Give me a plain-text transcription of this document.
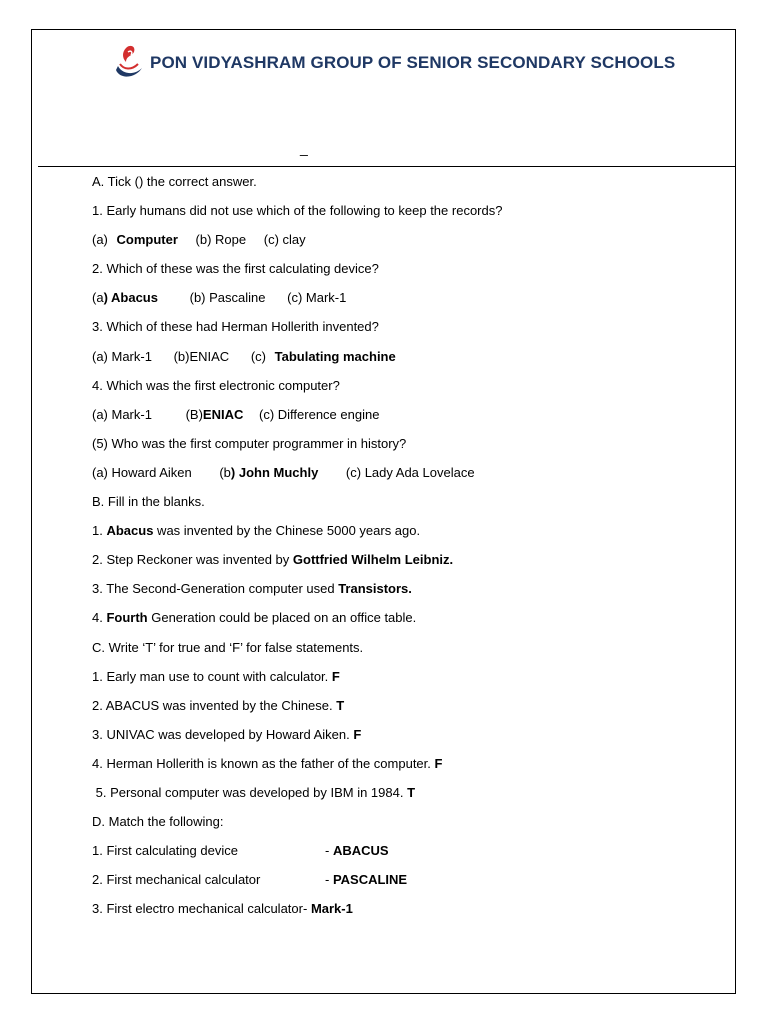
PON VIDYASHRAM GROUP OF SENIOR SECONDARY SCHOOLS
_
A. Tick () the correct answer.
1. Early humans did not use which of the following to keep the records?
(a) Computer (b) Rope (c) clay
2. Which of these was the first calculating device?
(a) Abacus (b) Pascaline (c) Mark-1
3. Which of these had Herman Hollerith invented?
(a) Mark-1 (b)ENIAC (c) Tabulating machine
4. Which was the first electronic computer?
(a) Mark-1	(B)ENIAC (c) Difference engine
(5) Who was the first computer programmer in history?
(a) Howard Aiken (b) John Muchly (c) Lady Ada Lovelace
B. Fill in the blanks.
1. Abacus was invented by the Chinese 5000 years ago.
2. Step Reckoner was invented by Gottfried Wilhelm Leibniz.
3. The Second-Generation computer used Transistors.
4. Fourth Generation could be placed on an office table.
C. Write ‘T’ for true and ‘F’ for false statements.
1. Early man use to count with calculator. F
2. ABACUS was invented by the Chinese. T
3. UNIVAC was developed by Howard Aiken. F
4. Herman Hollerith is known as the father of the computer. F
5. Personal computer was developed by IBM in 1984. T
D. Match the following:
1. First calculating device	- ABACUS
2. First mechanical calculator	- PASCALINE
3. First electro mechanical calculator- Mark-1
